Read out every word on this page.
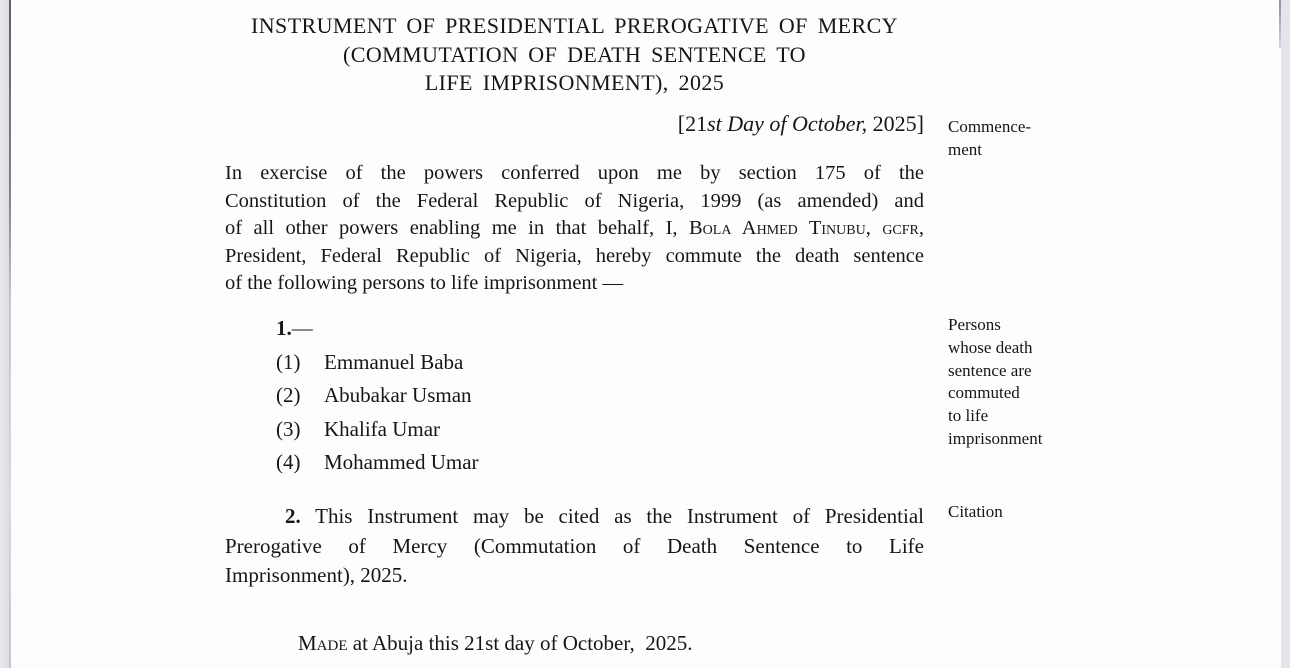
INSTRUMENT OF PRESIDENTIAL PREROGATIVE OF MERCY
(COMMUTATION OF DEATH SENTENCE TO
LIFE IMPRISONMENT), 2025
[21st Day of October, 2025] Commence-
ment
In exercise of the powers conferred upon me by section 175 of the
Constitution of the Federal Republic of Nigeria, 1999 (as amended) and
of all other powers enabling me in that behalf, I, Bola Ahmed Tinubu, gcfr,
President, Federal Republic of Nigeria, hereby commute the death sentence
of the following persons to life imprisonment —
1.—
(1) Emmanuel Baba
(2) Abubakar Usman
(3) Khalifa Umar
(4) Mohammed Umar
Persons
whose death
sentence are
commuted
to life
imprisonment
2. This Instrument may be cited as the Instrument of Presidential
Prerogative of Mercy (Commutation of Death Sentence to Life
Imprisonment), 2025.
Citation
Made at Abuja this 21st day of October,  2025.
